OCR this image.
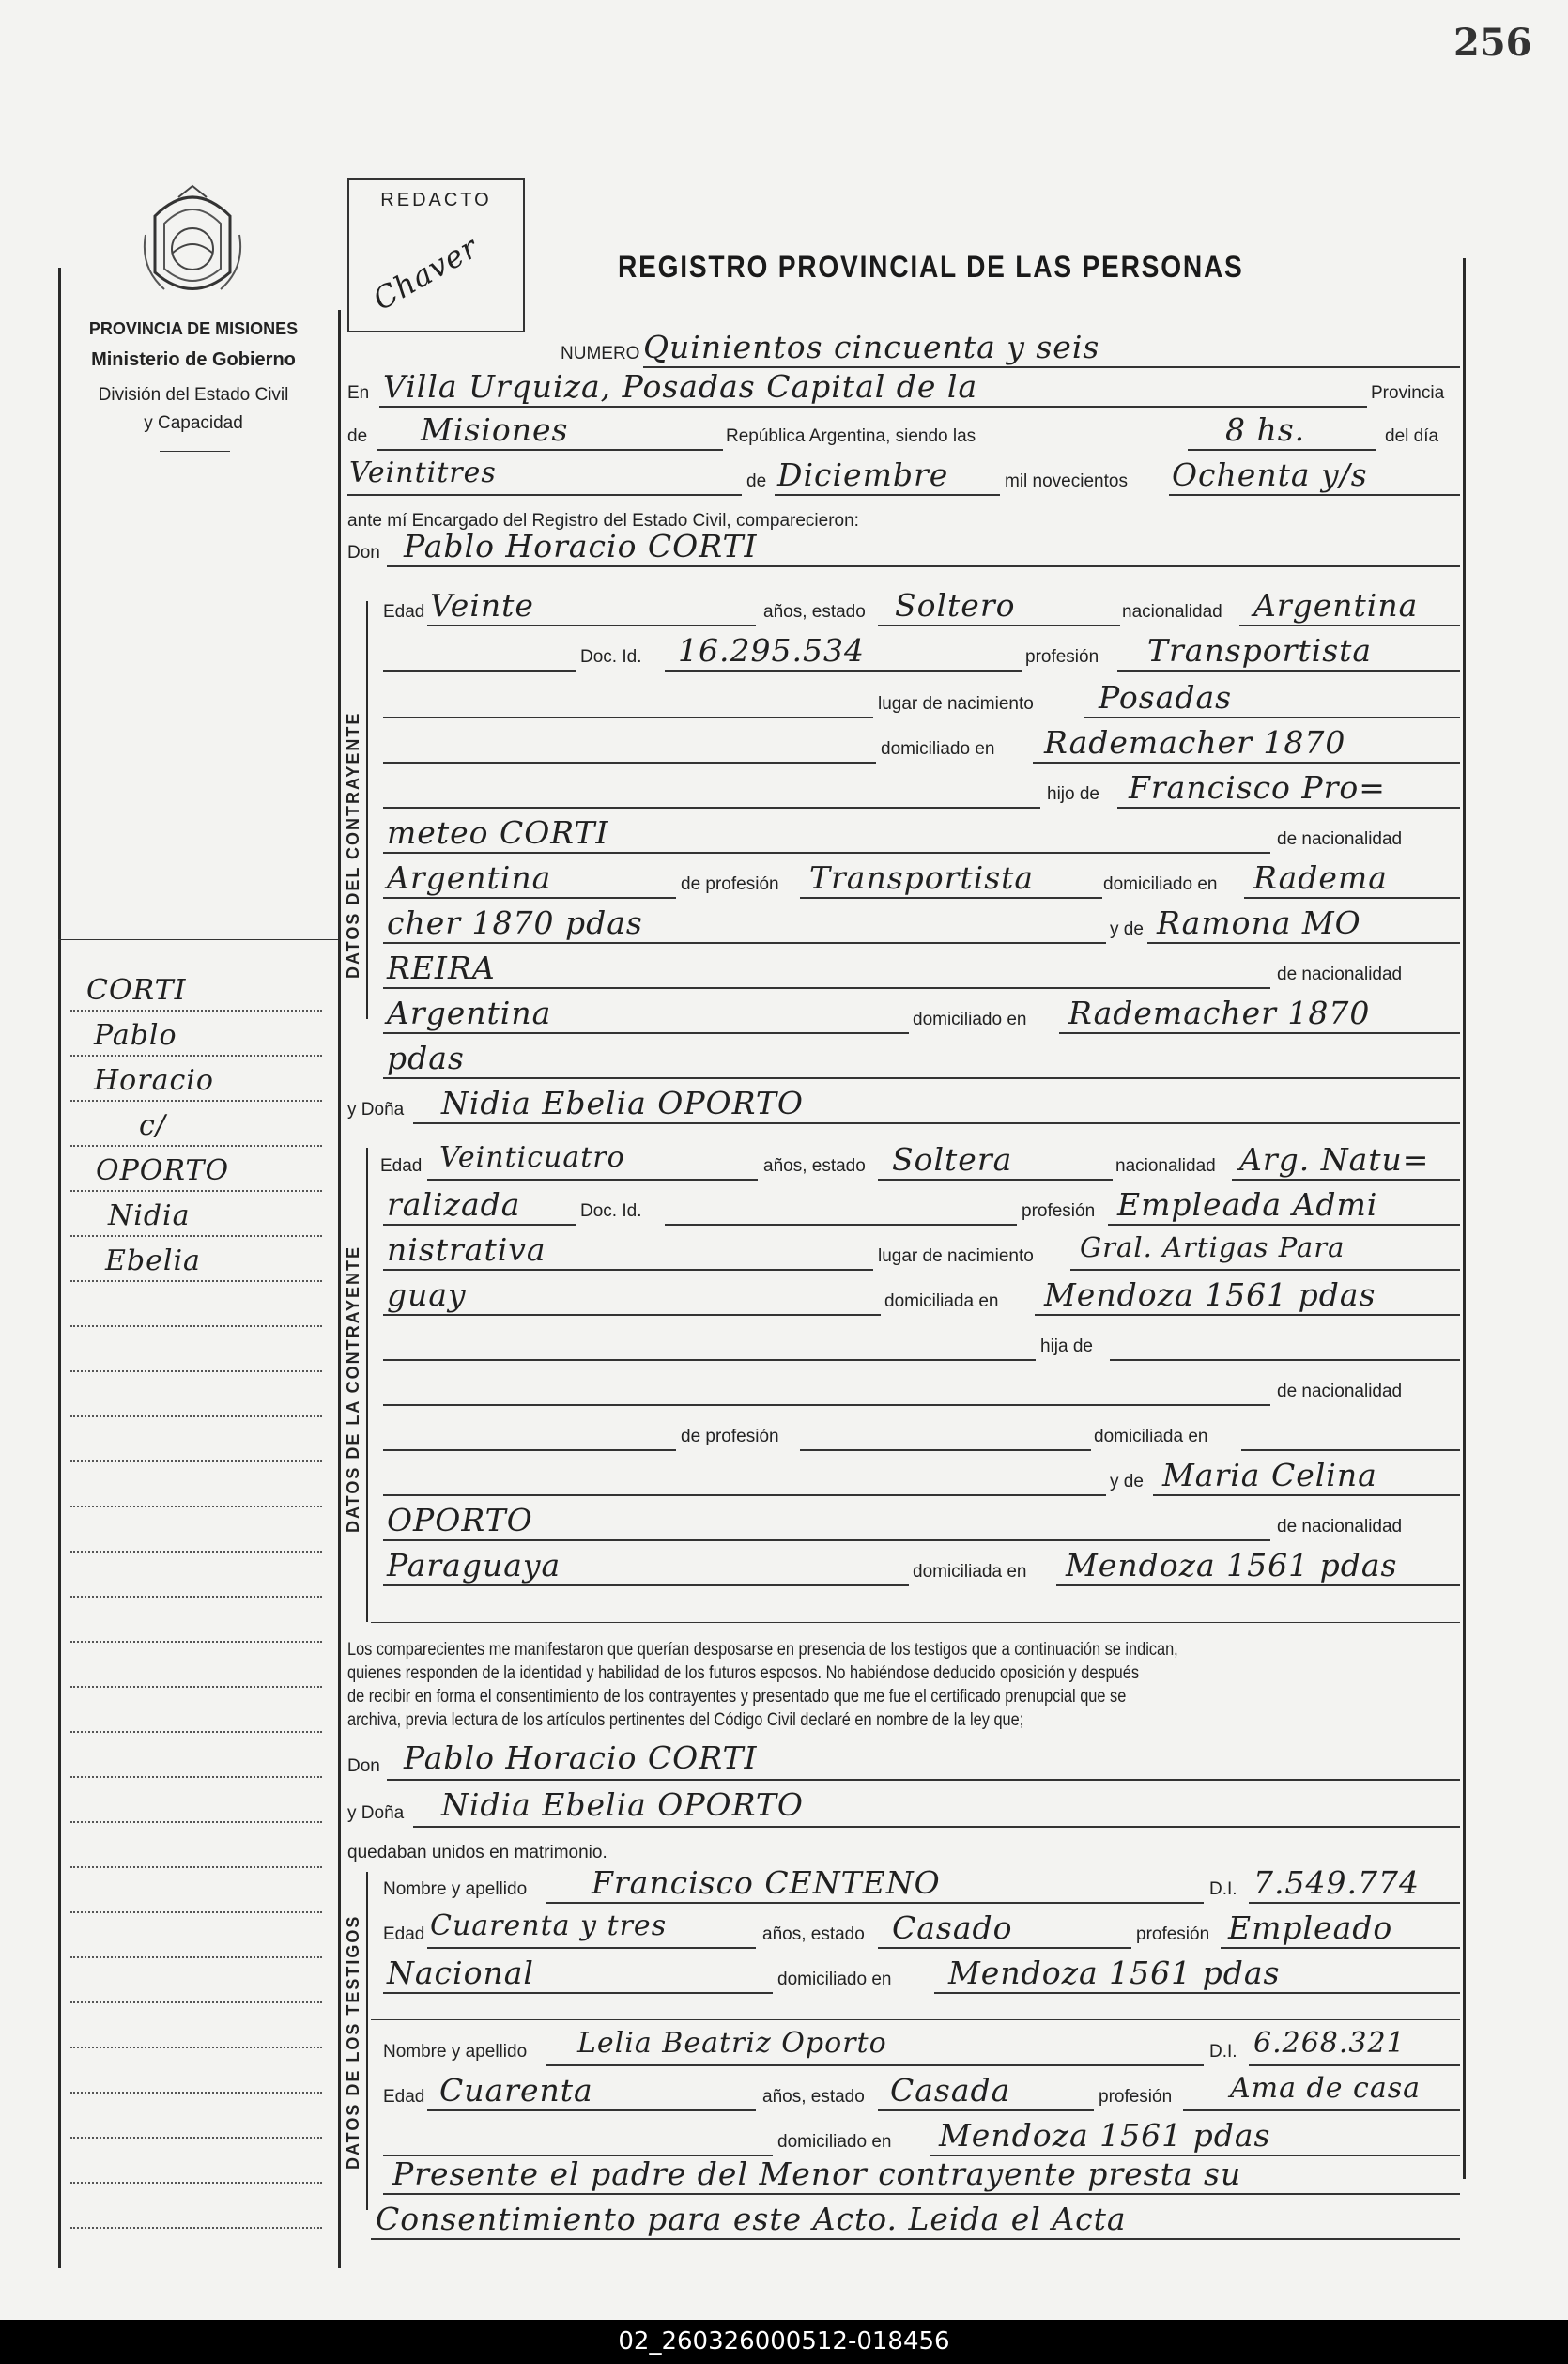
256
PROVINCIA DE MISIONES
Ministerio de Gobierno
División del Estado Civil
y Capacidad
REDACTO
Chaver	REGISTRO PROVINCIAL DE LAS PERSONAS
DATOS DEL CONTRAYENTE
DATOS DE LA CONTRAYENTE
DATOS DE LOS TESTIGOS
NUMERO Quinientos cincuenta y seis
En Villa Urquiza, Posadas Capital de la	Provincia
de Misiones	República Argentina, siendo las	8 hs.	del día
Veintitres	de Diciembre	mil novecientos Ochenta y/s
ante mí Encargado del Registro del Estado Civil, comparecieron:
Don Pablo Horacio CORTI
Edad Veinte	años, estado Soltero	nacionalidad Argentina
Doc. Id. 16.295.534	profesión Transportista
lugar de nacimiento Posadas
domiciliado en Rademacher 1870
hijo de Francisco Pro=
meteo CORTI	de nacionalidad
Argentina	de profesión Transportista	domiciliado en Radema
cher 1870 pdas	y de Ramona MO
REIRA	de nacionalidad
Argentina	domiciliado en Rademacher 1870
pdas
y Doña Nidia Ebelia OPORTO
Edad Veinticuatro	años, estado Soltera	nacionalidad Arg. Natu=
ralizada	Doc. Id.	profesión Empleada Admi
nistrativa	lugar de nacimiento Gral. Artigas Para
guay	domiciliada en Mendoza 1561 pdas
hija de
de nacionalidad
de profesión	domiciliada en
y de Maria Celina
OPORTO	de nacionalidad
Paraguaya	domiciliada en Mendoza 1561 pdas
Los comparecientes me manifestaron que querían desposarse en presencia de los testigos que a continuación se indican,
quienes responden de la identidad y habilidad de los futuros esposos. No habiéndose deducido oposición y después
de recibir en forma el consentimiento de los contrayentes y presentado que me fue el certificado prenupcial que se
archiva, previa lectura de los artículos pertinentes del Código Civil declaré en nombre de la ley que;
Don Pablo Horacio CORTI
y Doña Nidia Ebelia OPORTO
quedaban unidos en matrimonio.
Nombre y apellido Francisco CENTENO	D.I. 7.549.774
Edad Cuarenta y tres	años, estado Casado	profesión Empleado
Nacional	domiciliado en Mendoza 1561 pdas
Nombre y apellido Lelia Beatriz Oporto	D.I. 6.268.321
Edad Cuarenta	años, estado Casada	profesión Ama de casa
domiciliado en Mendoza 1561 pdas
Presente el padre del Menor contrayente presta su
Consentimiento para este Acto. Leida el Acta
CORTI
Pablo
Horacio
c/
OPORTO
Nidia
Ebelia
02_260326000512-018456
